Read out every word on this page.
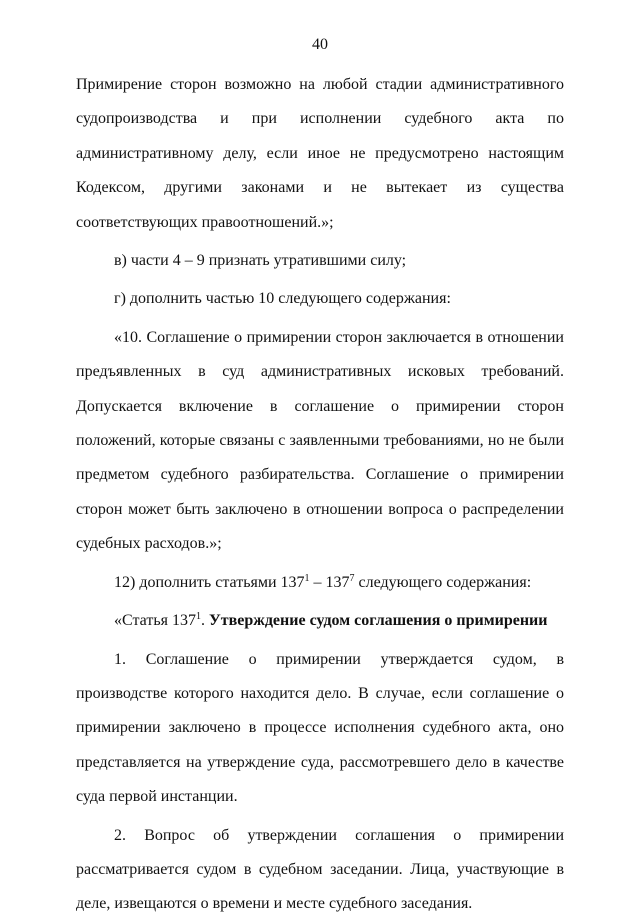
40

Примирение сторон возможно на любой стадии административного судопроизводства и при исполнении судебного акта по административному делу, если иное не предусмотрено настоящим Кодексом, другими законами и не вытекает из существа соответствующих правоотношений.»;

в) части 4 – 9 признать утратившими силу;

г) дополнить частью 10 следующего содержания:

«10. Соглашение о примирении сторон заключается в отношении предъявленных в суд административных исковых требований. Допускается включение в соглашение о примирении сторон положений, которые связаны с заявленными требованиями, но не были предметом судебного разбирательства. Соглашение о примирении сторон может быть заключено в отношении вопроса о распределении судебных расходов.»;

12) дополнить статьями $137^1 - 137^7$ следующего содержания:

«Статья $137^1$. Утверждение судом соглашения о примирении

1. Соглашение о примирении утверждается судом, в производстве которого находится дело. В случае, если соглашение о примирении заключено в процессе исполнения судебного акта, оно представляется на утверждение суда, рассмотревшего дело в качестве суда первой инстанции.

2. Вопрос об утверждении соглашения о примирении рассматривается судом в судебном заседании. Лица, участвующие в деле, извещаются о времени и месте судебного заседания.
